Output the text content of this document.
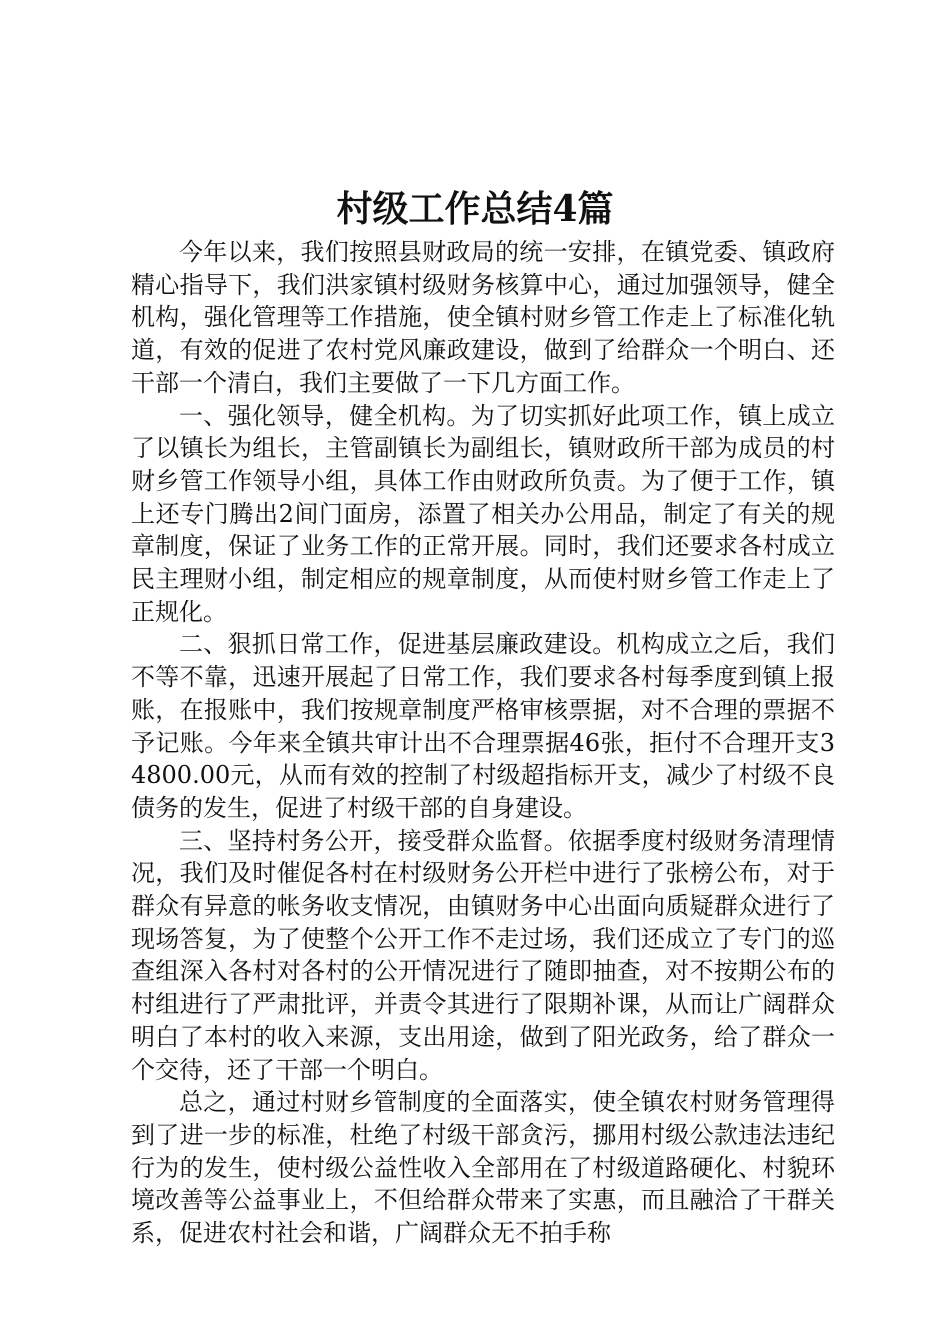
村级工作总结4篇

今年以来，我们按照县财政局的统一安排，在镇党委、镇政府精心指导下，我们洪家镇村级财务核算中心，通过加强领导，健全机构，强化管理等工作措施，使全镇村财乡管工作走上了标准化轨道，有效的促进了农村党风廉政建设，做到了给群众一个明白、还干部一个清白，我们主要做了一下几方面工作。

一、强化领导，健全机构。为了切实抓好此项工作，镇上成立了以镇长为组长，主管副镇长为副组长，镇财政所干部为成员的村财乡管工作领导小组，具体工作由财政所负责。为了便于工作，镇上还专门腾出2间门面房，添置了相关办公用品，制定了有关的规章制度，保证了业务工作的正常开展。同时，我们还要求各村成立民主理财小组，制定相应的规章制度，从而使村财乡管工作走上了正规化。

二、狠抓日常工作，促进基层廉政建设。机构成立之后，我们不等不靠，迅速开展起了日常工作，我们要求各村每季度到镇上报账，在报账中，我们按规章制度严格审核票据，对不合理的票据不予记账。今年来全镇共审计出不合理票据46张，拒付不合理开支34800.00元，从而有效的控制了村级超指标开支，减少了村级不良债务的发生，促进了村级干部的自身建设。

三、坚持村务公开，接受群众监督。依据季度村级财务清理情况，我们及时催促各村在村级财务公开栏中进行了张榜公布，对于群众有异意的帐务收支情况，由镇财务中心出面向质疑群众进行了现场答复，为了使整个公开工作不走过场，我们还成立了专门的巡查组深入各村对各村的公开情况进行了随即抽查，对不按期公布的村组进行了严肃批评，并责令其进行了限期补课，从而让广阔群众明白了本村的收入来源，支出用途，做到了阳光政务，给了群众一个交待，还了干部一个明白。

总之，通过村财乡管制度的全面落实，使全镇农村财务管理得到了进一步的标准，杜绝了村级干部贪污，挪用村级公款违法违纪行为的发生，使村级公益性收入全部用在了村级道路硬化、村貌环境改善等公益事业上，不但给群众带来了实惠，而且融洽了干群关系，促进农村社会和谐，广阔群众无不拍手称
